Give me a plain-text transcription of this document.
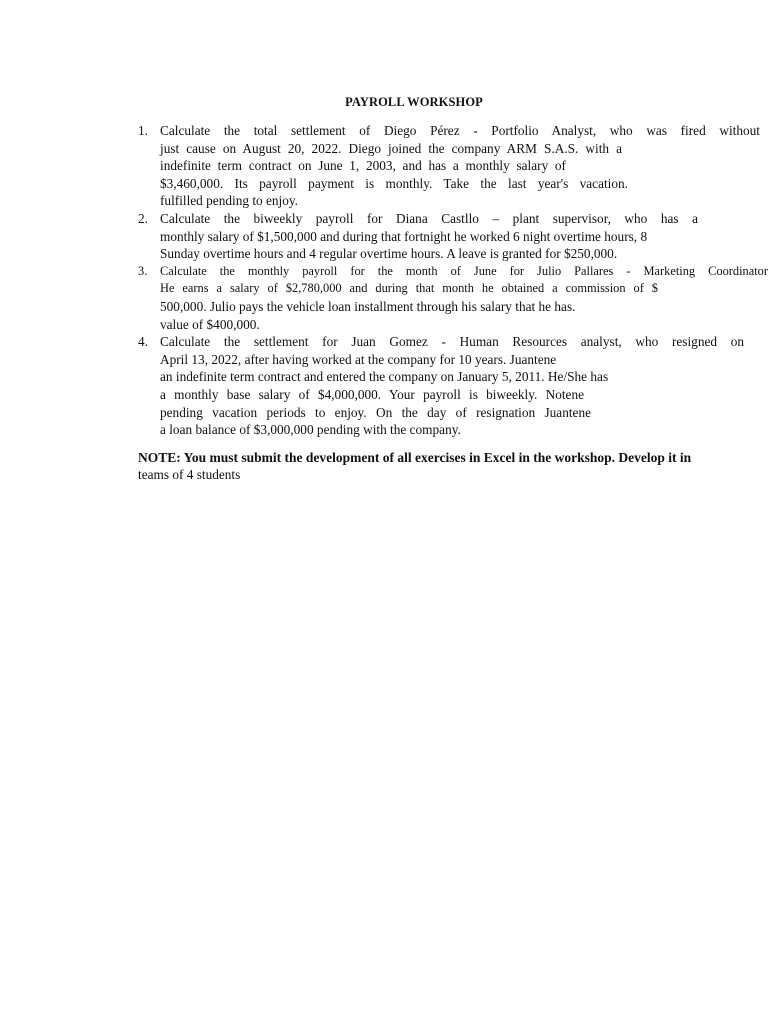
PAYROLL WORKSHOP
1. Calculate the total settlement of Diego Pérez - Portfolio Analyst, who was fired without
just cause on August 20, 2022. Diego joined the company ARM S.A.S. with a
indefinite term contract on June 1, 2003, and has a monthly salary of
$3,460,000. Its payroll payment is monthly. Take the last year's vacation.
fulfilled pending to enjoy.
2. Calculate the biweekly payroll for Diana Castllo – plant supervisor, who has a
monthly salary of $1,500,000 and during that fortnight he worked 6 night overtime hours, 8
Sunday overtime hours and 4 regular overtime hours. A leave is granted for $250,000.
3.	Calculate the monthly payroll for the month of June for Julio Pallares - Marketing Coordinator
He earns a salary of $2,780,000 and during that month he obtained a commission of $
500,000. Julio pays the vehicle loan installment through his salary that he has.
value of $400,000.
4. Calculate the settlement for Juan Gomez - Human Resources analyst, who resigned on
April 13, 2022, after having worked at the company for 10 years. Juantene
an indefinite term contract and entered the company on January 5, 2011. He/She has
a monthly base salary of $4,000,000. Your payroll is biweekly. Notene
pending vacation periods to enjoy. On the day of resignation Juantene
a loan balance of $3,000,000 pending with the company.
NOTE: You must submit the development of all exercises in Excel in the workshop. Develop it in
teams of 4 students
